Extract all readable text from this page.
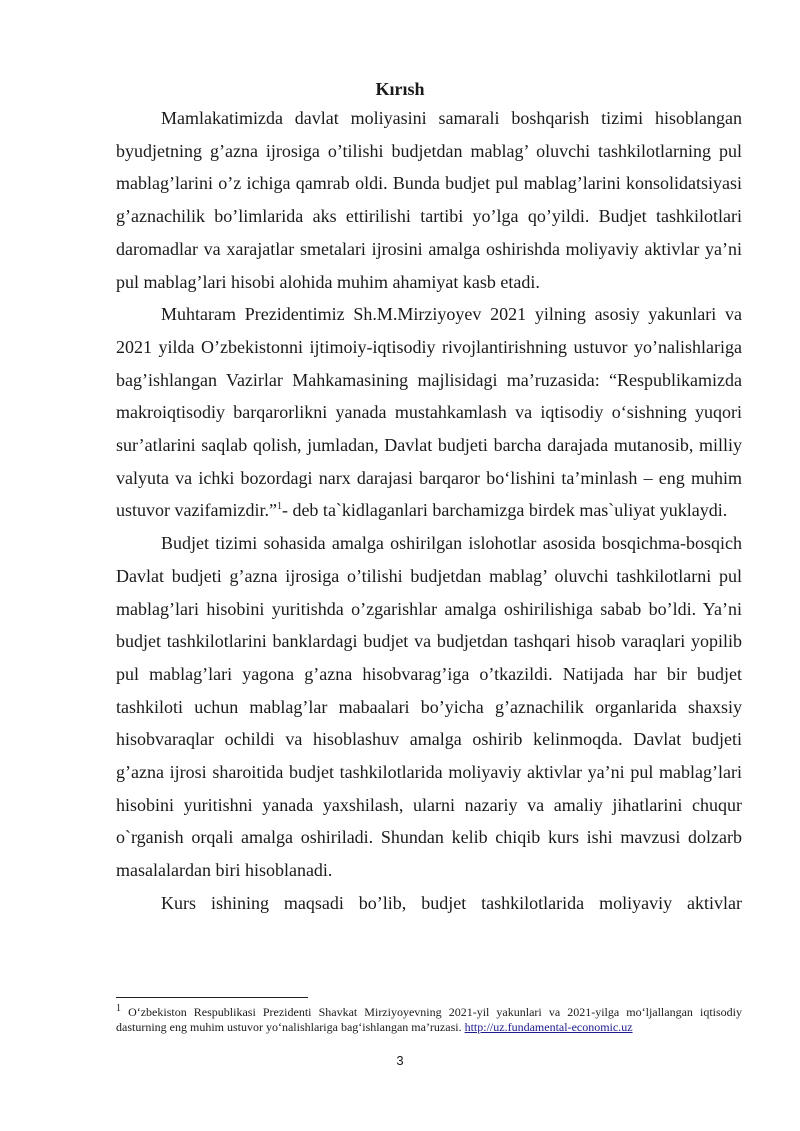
Kırısh

Mamlakatimizda davlat moliyasini samarali boshqarish tizimi hisoblangan byudjetning g’azna ijrosiga o’tilishi budjetdan mablag’ oluvchi tashkilotlarning pul mablag’larini o’z ichiga qamrab oldi. Bunda budjet pul mablag’larini konsolidatsiyasi g’aznachilik bo’limlarida aks ettirilishi tartibi yo’lga qo’yildi. Budjet tashkilotlari daromadlar va xarajatlar smetalari ijrosini amalga oshirishda moliyaviy aktivlar ya’ni pul mablag’lari hisobi alohida muhim ahamiyat kasb etadi.

Muhtaram Prezidentimiz Sh.M.Mirziyoyev 2021 yilning asosiy yakunlari va 2021 yilda O’zbekistonni ijtimoiy-iqtisodiy rivojlantirishning ustuvor yo’nalishlariga bag’ishlangan Vazirlar Mahkamasining majlisidagi ma’ruzasida: “Respublikamizda makroiqtisodiy barqarorlikni yanada mustahkamlash va iqtisodiy o‘sishning yuqori sur’atlarini saqlab qolish, jumladan, Davlat budjeti barcha darajada mutanosib, milliy valyuta va ichki bozordagi narx darajasi barqaror bo‘lishini ta’minlash – eng muhim ustuvor vazifamizdir.”$^1$- deb ta`kidlaganlari barchamizga birdek mas`uliyat yuklaydi.

Budjet tizimi sohasida amalga oshirilgan islohotlar asosida bosqichma-bosqich Davlat budjeti g’azna ijrosiga o’tilishi budjetdan mablag’ oluvchi tashkilotlarni pul mablag’lari hisobini yuritishda o’zgarishlar amalga oshirilishiga sabab bo’ldi. Ya’ni budjet tashkilotlarini banklardagi budjet va budjetdan tashqari hisob varaqlari yopilib pul mablag’lari yagona g’azna hisobvarag’iga o’tkazildi. Natijada har bir budjet tashkiloti uchun mablag’lar mabaalari bo’yicha g’aznachilik organlarida shaxsiy hisobvaraqlar ochildi va hisoblashuv amalga oshirib kelinmoqda. Davlat budjeti g’azna ijrosi sharoitida budjet tashkilotlarida moliyaviy aktivlar ya’ni pul mablag’lari hisobini yuritishni yanada yaxshilash, ularni nazariy va amaliy jihatlarini chuqur o`rganish orqali amalga oshiriladi. Shundan kelib chiqib kurs ishi mavzusi dolzarb masalalardan biri hisoblanadi.

Kurs ishining maqsadi bo’lib, budjet tashkilotlarida moliyaviy aktivlar

$^1$ O‘zbekiston Respublikasi Prezidenti Shavkat Mirziyoyevning 2021-yil yakunlari va 2021-yilga mo‘ljallangan iqtisodiy dasturning eng muhim ustuvor yo‘nalishlariga bag‘ishlangan ma’ruzasi. http://uz.fundamental-economic.uz
3
